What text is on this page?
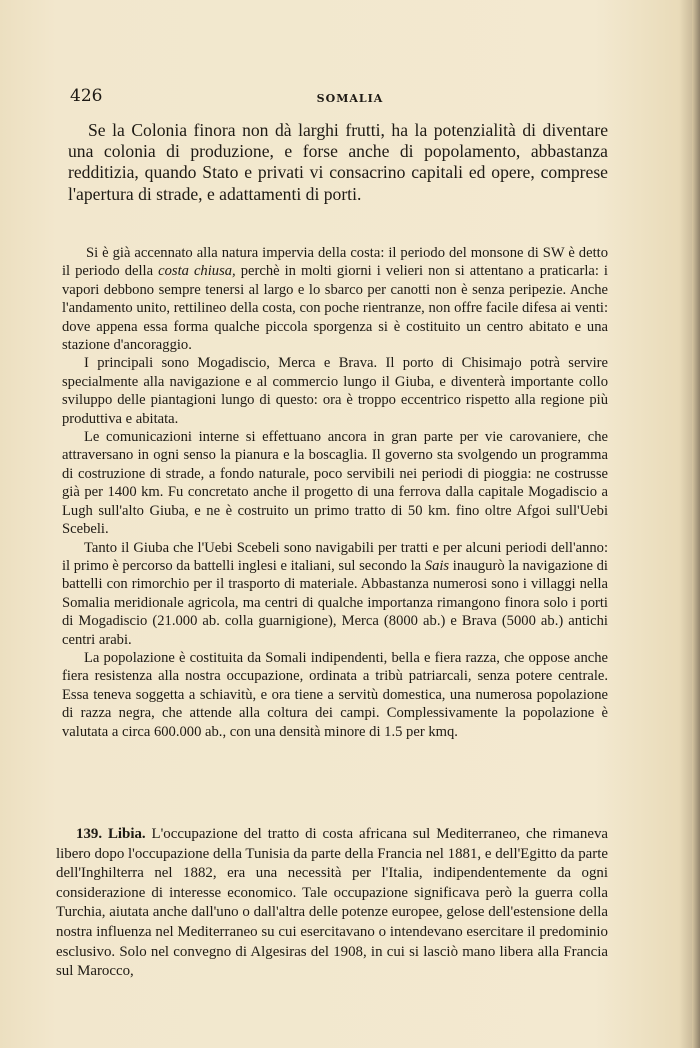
426	SOMALIA

Se la Colonia finora non dà larghi frutti, ha la potenzialità di diventare una colonia di produzione, e forse anche di popolamento, abbastanza redditizia, quando Stato e privati vi consacrino capitali ed opere, comprese l'apertura di strade, e adattamenti di porti.

Si è già accennato alla natura impervia della costa: il periodo del monsone di SW è detto il periodo della costa chiusa, perchè in molti giorni i velieri non si attentano a praticarla: i vapori debbono sempre tenersi al largo e lo sbarco per canotti non è senza peripezie. Anche l'andamento unito, rettilineo della costa, con poche rientranze, non offre facile difesa ai venti: dove appena essa forma qualche piccola sporgenza si è costituito un centro abitato e una stazione d'ancoraggio.

I principali sono Mogadiscio, Merca e Brava. Il porto di Chisimajo potrà servire specialmente alla navigazione e al commercio lungo il Giuba, e diventerà importante collo sviluppo delle piantagioni lungo di questo: ora è troppo eccentrico rispetto alla regione più produttiva e abitata.

Le comunicazioni interne si effettuano ancora in gran parte per vie carovaniere, che attraversano in ogni senso la pianura e la boscaglia. Il governo sta svolgendo un programma di costruzione di strade, a fondo naturale, poco servibili nei periodi di pioggia: ne costrusse già per 1400 km. Fu concretato anche il progetto di una ferrova dalla capitale Mogadiscio a Lugh sull'alto Giuba, e ne è costruito un primo tratto di 50 km. fino oltre Afgoi sull'Uebi Scebeli.

Tanto il Giuba che l'Uebi Scebeli sono navigabili per tratti e per alcuni periodi dell'anno: il primo è percorso da battelli inglesi e italiani, sul secondo la Sais inaugurò la navigazione di battelli con rimorchio per il trasporto di materiale. Abbastanza numerosi sono i villaggi nella Somalia meridionale agricola, ma centri di qualche importanza rimangono finora solo i porti di Mogadiscio (21.000 ab. colla guarnigione), Merca (8000 ab.) e Brava (5000 ab.) antichi centri arabi.

La popolazione è costituita da Somali indipendenti, bella e fiera razza, che oppose anche fiera resistenza alla nostra occupazione, ordinata a tribù patriarcali, senza potere centrale. Essa teneva soggetta a schiavitù, e ora tiene a servitù domestica, una numerosa popolazione di razza negra, che attende alla coltura dei campi. Complessivamente la popolazione è valutata a circa 600.000 ab., con una densità minore di 1.5 per kmq.

139. Libia. L'occupazione del tratto di costa africana sul Mediterraneo, che rimaneva libero dopo l'occupazione della Tunisia da parte della Francia nel 1881, e dell'Egitto da parte dell'Inghilterra nel 1882, era una necessità per l'Italia, indipendentemente da ogni considerazione di interesse economico. Tale occupazione significava però la guerra colla Turchia, aiutata anche dall'uno o dall'altra delle potenze europee, gelose dell'estensione della nostra influenza nel Mediterraneo su cui esercitavano o intendevano esercitare il predominio esclusivo. Solo nel convegno di Algesiras del 1908, in cui si lasciò mano libera alla Francia sul Marocco,
